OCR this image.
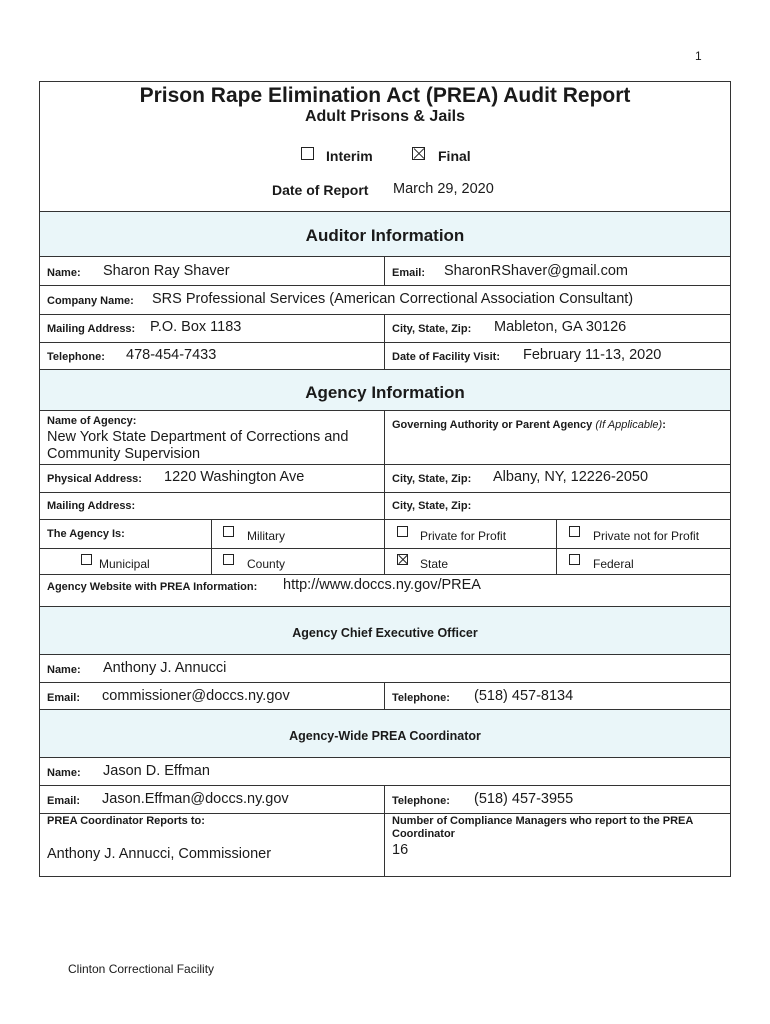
1
Prison Rape Elimination Act (PREA) Audit Report
Adult Prisons & Jails
Interim	Final
Date of Report March 29, 2020
Auditor Information
Name: Sharon Ray Shaver	Email: SharonRShaver@gmail.com
Company Name: SRS Professional Services (American Correctional Association Consultant)
Mailing Address: P.O. Box 1183	City, State, Zip: Mableton, GA 30126
Telephone: 478-454-7433	Date of Facility Visit: February 11-13, 2020
Agency Information
Name of Agency:
New York State Department of Corrections and Community Supervision
Governing Authority or Parent Agency (If Applicable):
Physical Address: 1220 Washington Ave	City, State, Zip: Albany, NY, 12226-2050
Mailing Address:	City, State, Zip:
The Agency Is:	Military	Private for Profit	Private not for Profit
Municipal	County	State	Federal
Agency Website with PREA Information: http://www.doccs.ny.gov/PREA
Agency Chief Executive Officer
Name: Anthony J. Annucci
Email: commissioner@doccs.ny.gov	Telephone: (518) 457-8134
Agency-Wide PREA Coordinator
Name: Jason D. Effman
Email: Jason.Effman@doccs.ny.gov	Telephone: (518) 457-3955
PREA Coordinator Reports to:
Anthony J. Annucci, Commissioner
Number of Compliance Managers who report to the PREA Coordinator
16
Clinton Correctional Facility
